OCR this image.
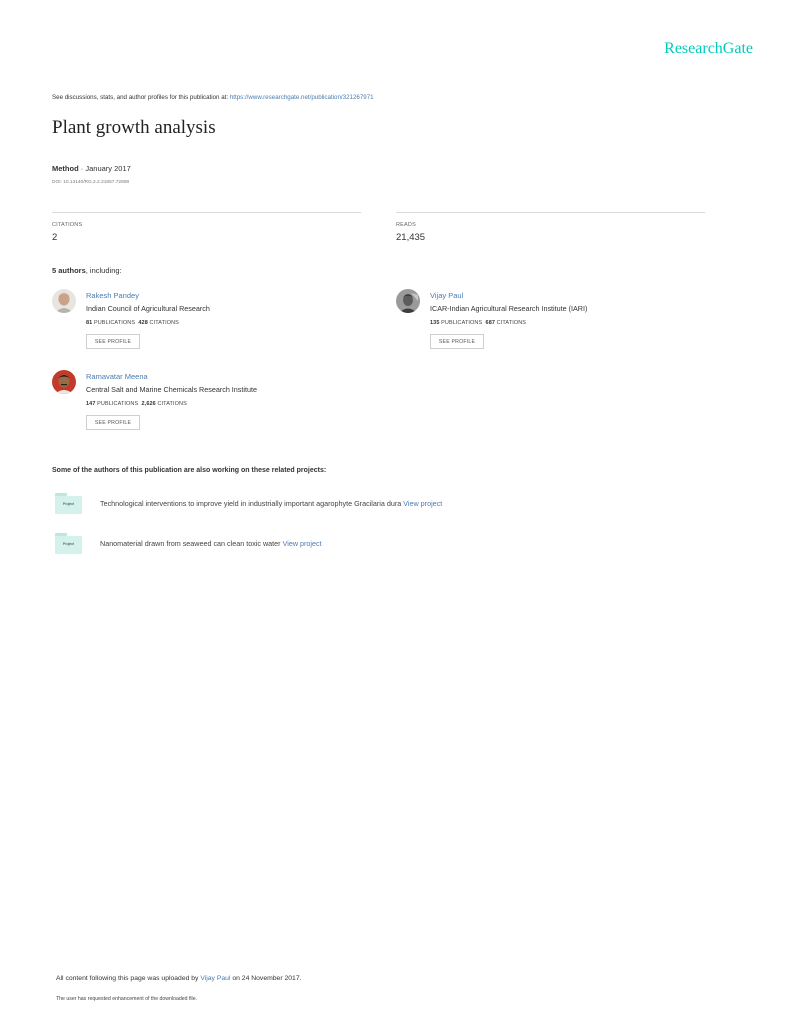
ResearchGate
See discussions, stats, and author profiles for this publication at: https://www.researchgate.net/publication/321267971
Plant growth analysis
Method · January 2017
DOI: 10.13140/RG.2.2.21657.72808
CITATIONS
2
READS
21,435
5 authors, including:
Rakesh Pandey
Indian Council of Agricultural Research
81 PUBLICATIONS 428 CITATIONS
SEE PROFILE
Vijay Paul
ICAR-Indian Agricultural Research Institute (IARI)
135 PUBLICATIONS 687 CITATIONS
SEE PROFILE
Ramavatar Meena
Central Salt and Marine Chemicals Research Institute
147 PUBLICATIONS 2,626 CITATIONS
SEE PROFILE
Some of the authors of this publication are also working on these related projects:
Project	Technological interventions to improve yield in industrially important agarophyte Gracilaria dura View project
Project	Nanomaterial drawn from seaweed can clean toxic water View project
All content following this page was uploaded by Vijay Paul on 24 November 2017.
The user has requested enhancement of the downloaded file.
